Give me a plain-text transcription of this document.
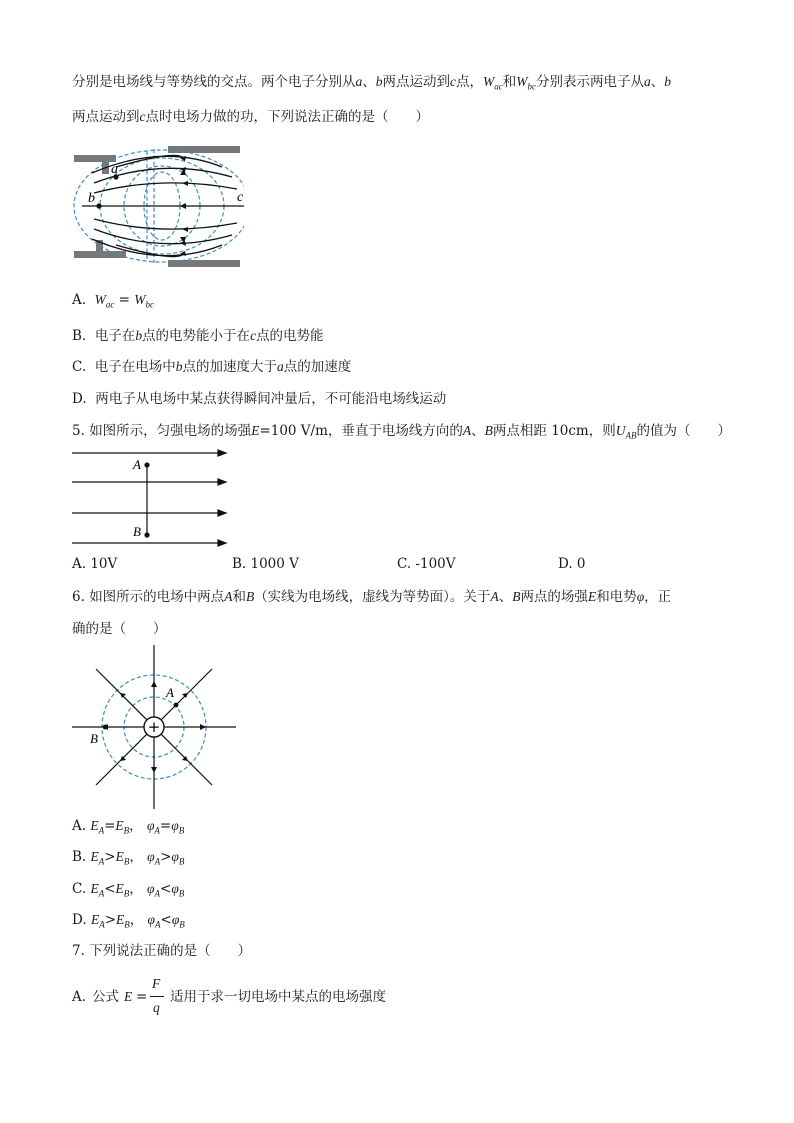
分别是电场线与等势线的交点。两个电子分别从a、b两点运动到c点，$W_{ac}$和$W_{bc}$分别表示两电子从a、b
两点运动到c点时电场力做的功，下列说法正确的是（　　）
a
b	c
A. $W_{ac} = W_{bc}$
B. 电子在b点的电势能小于在c点的电势能
C. 电子在电场中b点的加速度大于a点的加速度
D. 两电子从电场中某点获得瞬间冲量后，不可能沿电场线运动
5. 如图所示，匀强电场的场强E=100 V/m，垂直于电场线方向的A、B两点相距 10cm，则$U_{AB}$的值为（　　）
A
B
A. 10V	B. 1000 V	C. -100V	D. 0
6. 如图所示的电场中两点A和B（实线为电场线，虚线为等势面）。关于A、B两点的场强E和电势φ，正
确的是（　　）
+
A
B
A. $E_A=E_B$， $\varphi_A=\varphi_B$
B. $E_A>E_B$， $\varphi_A>\varphi_B$
C. $E_A<E_B$， $\varphi_A<\varphi_B$
D. $E_A>E_B$， $\varphi_A<\varphi_B$
7. 下列说法正确的是（　　）
A. 公式 E =
F
q
适用于求一切电场中某点的电场强度
